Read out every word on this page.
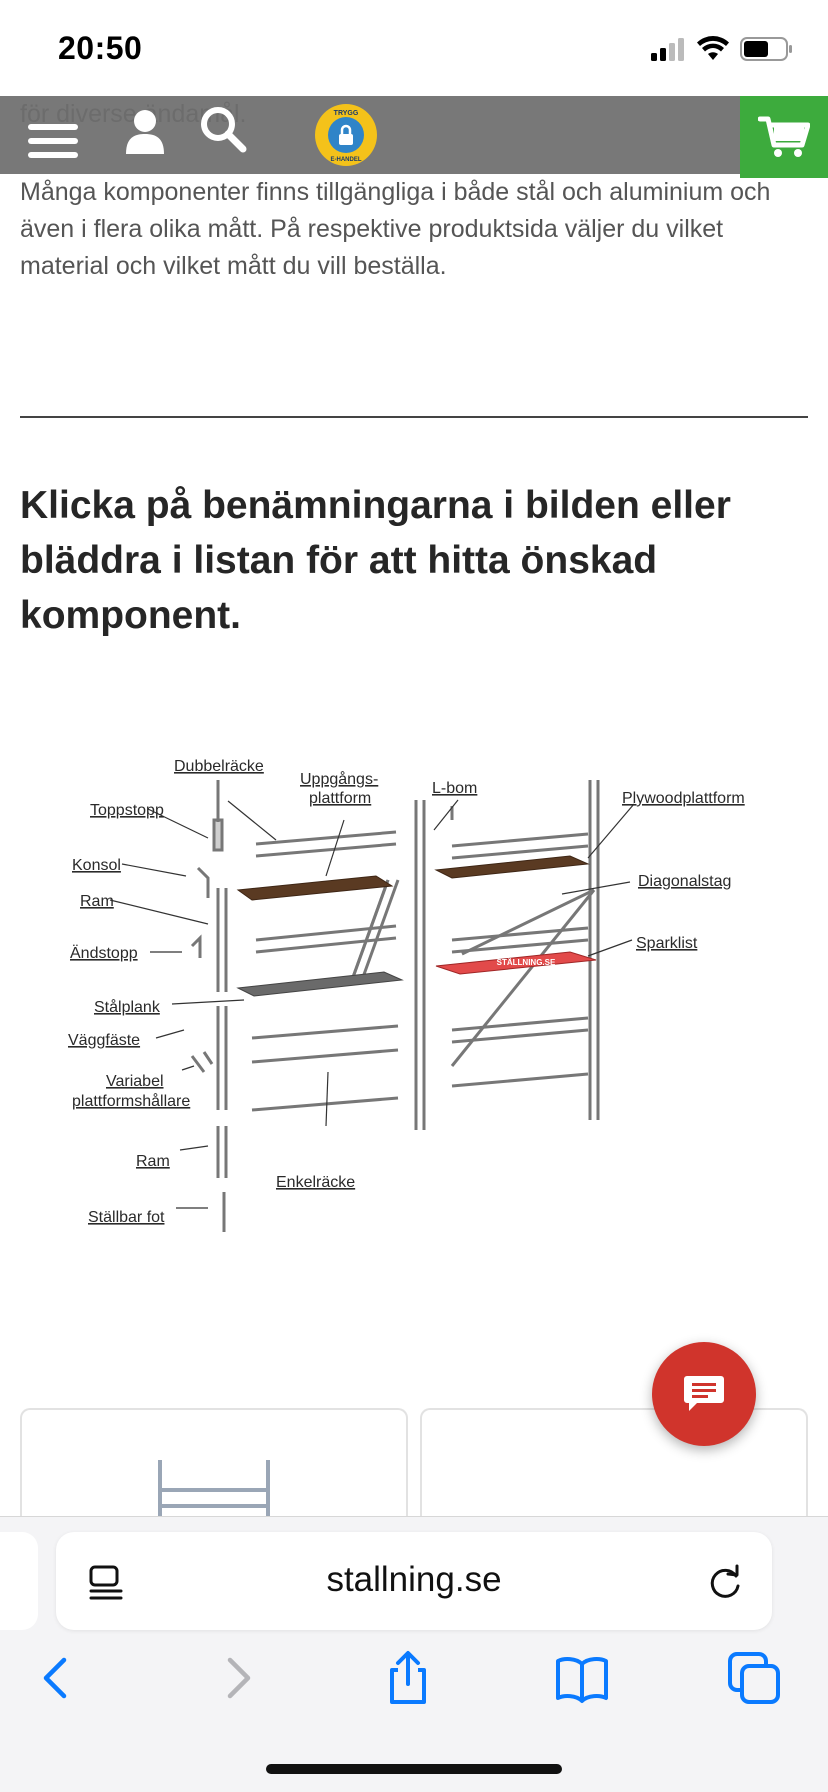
20:50
TRYGG
E-HANDEL

Många komponenter finns tillgängliga i både stål och aluminium och även i flera olika mått. På respektive produktsida väljer du vilket material och vilket mått du vill beställa.

Klicka på benämningarna i bilden eller bläddra i listan för att hitta önskad komponent.
STÄLLNING.SE
Dubbelräcke
Uppgångs-
plattform
L-bom
Plywoodplattform
Toppstopp
Konsol
Ram
Diagonalstag
Ändstopp
Sparklist
Stålplank
Väggfäste
Variabel
plattformshållare
Ram
Enkelräcke
Ställbar fot
stallning.se
